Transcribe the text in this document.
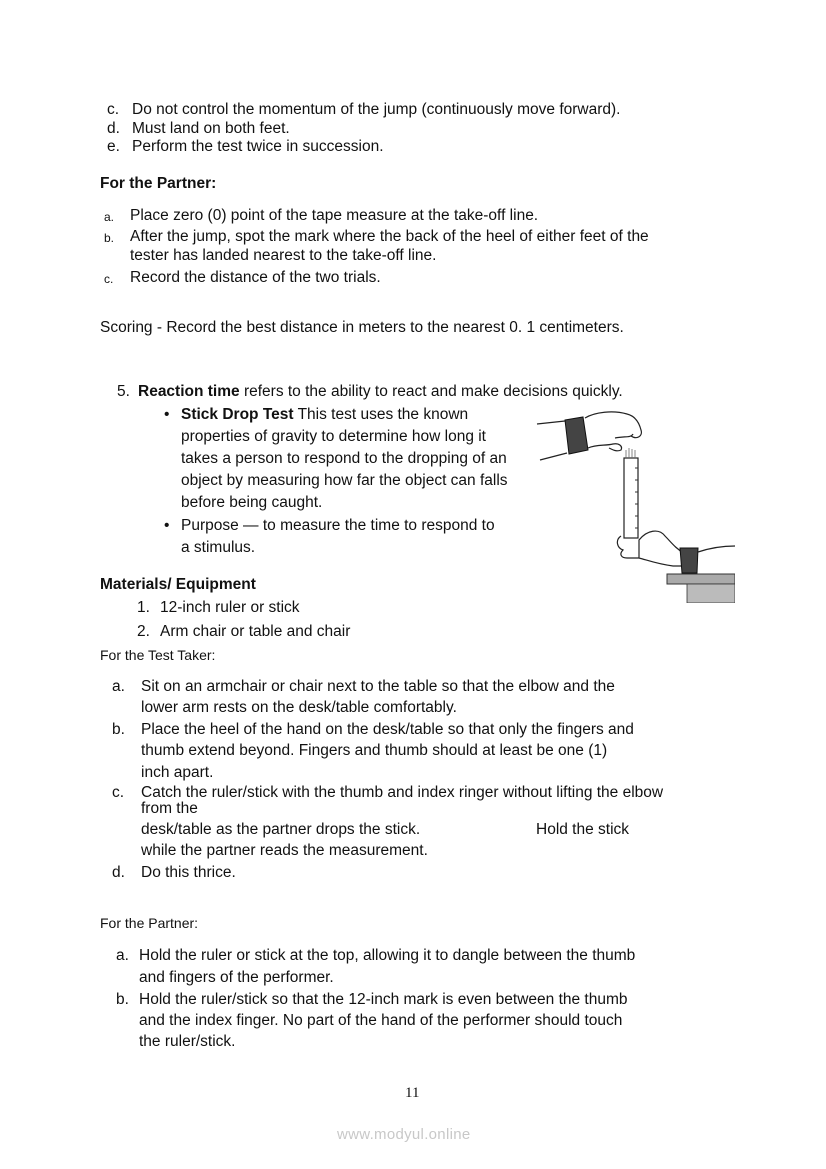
c. Do not control the momentum of the jump (continuously move forward).
d. Must land on both feet.
e. Perform the test twice in succession.
For the Partner:
a. Place zero (0) point of the tape measure at the take-off line.
b. After the jump, spot the mark where the back of the heel of either feet of the
tester has landed nearest to the take-off line.
c. Record the distance of the two trials.
Scoring - Record the best distance in meters to the nearest 0. 1 centimeters.
5. Reaction time refers to the ability to react and make decisions quickly.
• Stick Drop Test This test uses the known
properties of gravity to determine how long it
takes a person to respond to the dropping of an
object by measuring how far the object can falls
before being caught.
• Purpose — to measure the time to respond to
a stimulus.
Materials/ Equipment
1. 12-inch ruler or stick
2. Arm chair or table and chair
For the Test Taker:
a. Sit on an armchair or chair next to the table so that the elbow and the
lower arm rests on the desk/table comfortably.
b. Place the heel of the hand on the desk/table so that only the fingers and
thumb extend beyond. Fingers and thumb should at least be one (1)
inch apart.
c. Catch the ruler/stick with the thumb and index ringer without lifting the elbow
from the
desk/table as the partner drops the stick.	Hold the stick
while the partner reads the measurement.
d. Do this thrice.
For the Partner:
a. Hold the ruler or stick at the top, allowing it to dangle between the thumb
and fingers of the performer.
b. Hold the ruler/stick so that the 12-inch mark is even between the thumb
and the index finger. No part of the hand of the performer should touch
the ruler/stick.
11
www.modyul.online
